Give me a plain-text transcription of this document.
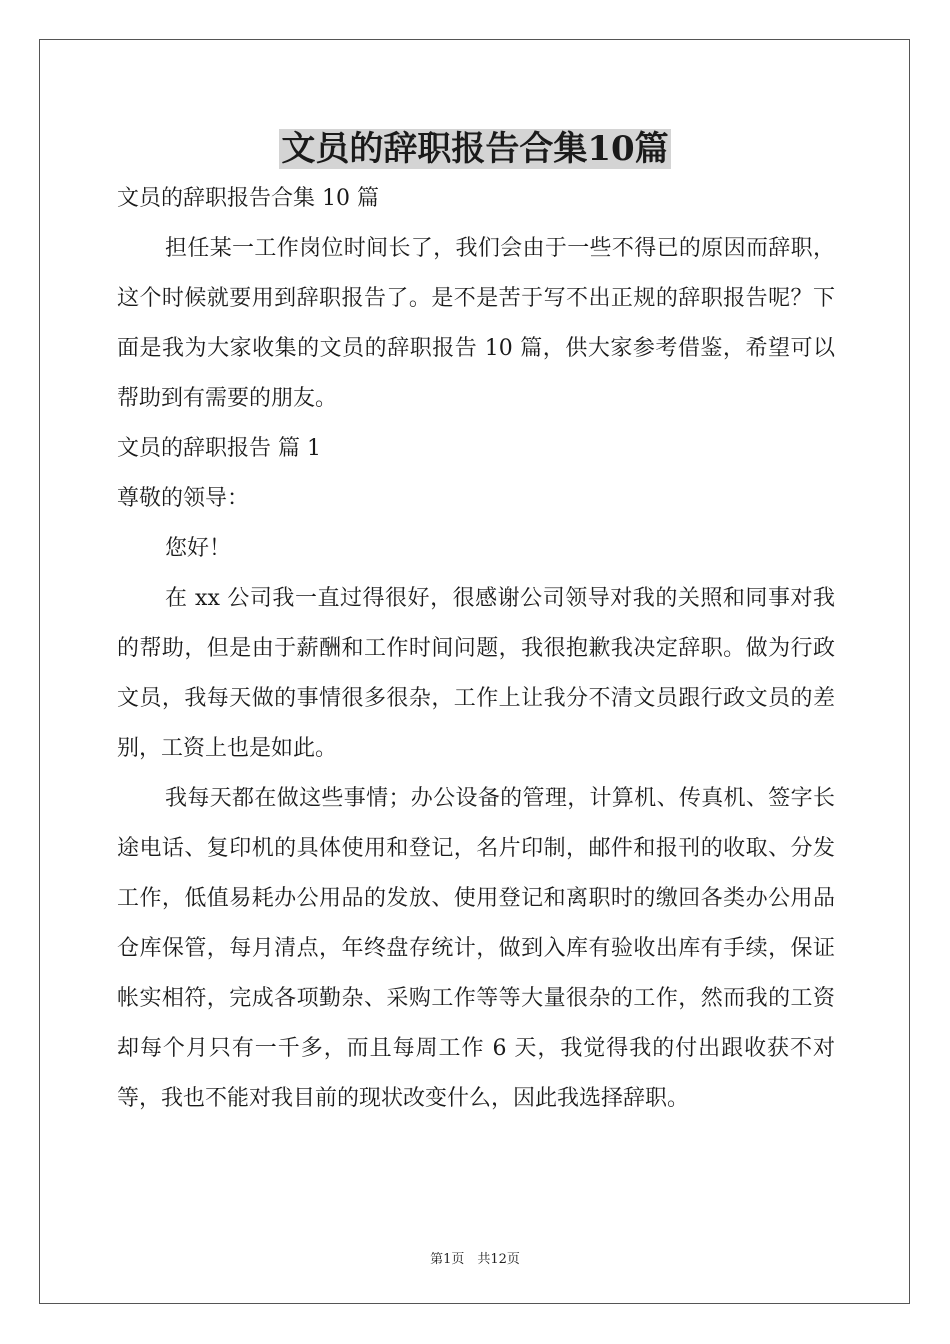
文员的辞职报告合集10篇

文员的辞职报告合集 10 篇

担任某一工作岗位时间长了，我们会由于一些不得已的原因而辞职，这个时候就要用到辞职报告了。是不是苦于写不出正规的辞职报告呢？下面是我为大家收集的文员的辞职报告 10 篇，供大家参考借鉴，希望可以帮助到有需要的朋友。

文员的辞职报告 篇 1

尊敬的领导：

您好！

在 xx 公司我一直过得很好，很感谢公司领导对我的关照和同事对我的帮助，但是由于薪酬和工作时间问题，我很抱歉我决定辞职。做为行政文员，我每天做的事情很多很杂，工作上让我分不清文员跟行政文员的差别，工资上也是如此。

我每天都在做这些事情；办公设备的管理，计算机、传真机、签字长途电话、复印机的具体使用和登记，名片印制，邮件和报刊的收取、分发工作，低值易耗办公用品的发放、使用登记和离职时的缴回各类办公用品仓库保管，每月清点，年终盘存统计，做到入库有验收出库有手续，保证帐实相符，完成各项勤杂、采购工作等等大量很杂的工作，然而我的工资却每个月只有一千多，而且每周工作 6 天，我觉得我的付出跟收获不对等，我也不能对我目前的现状改变什么，因此我选择辞职。

第1页　共12页
